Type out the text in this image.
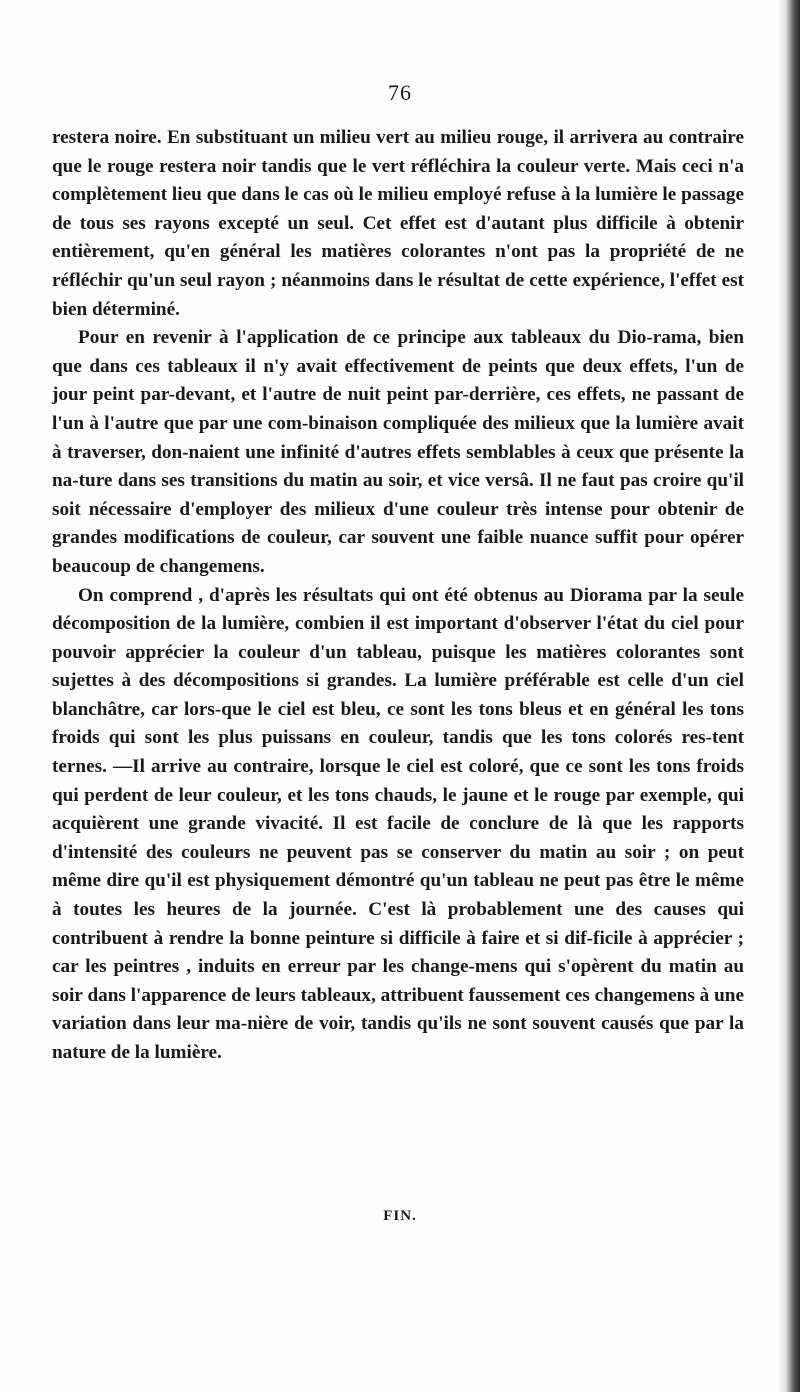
76

restera noire. En substituant un milieu vert au milieu rouge, il arrivera au contraire que le rouge restera noir tandis que le vert réfléchira la couleur verte. Mais ceci n'a complètement lieu que dans le cas où le milieu employé refuse à la lumière le passage de tous ses rayons excepté un seul. Cet effet est d'autant plus difficile à obtenir entièrement, qu'en général les matières colorantes n'ont pas la propriété de ne réfléchir qu'un seul rayon ; néanmoins dans le résultat de cette expérience, l'effet est bien déterminé.

Pour en revenir à l'application de ce principe aux tableaux du Dio-rama, bien que dans ces tableaux il n'y avait effectivement de peints que deux effets, l'un de jour peint par-devant, et l'autre de nuit peint par-derrière, ces effets, ne passant de l'un à l'autre que par une com-binaison compliquée des milieux que la lumière avait à traverser, don-naient une infinité d'autres effets semblables à ceux que présente la na-ture dans ses transitions du matin au soir, et vice versâ. Il ne faut pas croire qu'il soit nécessaire d'employer des milieux d'une couleur très intense pour obtenir de grandes modifications de couleur, car souvent une faible nuance suffit pour opérer beaucoup de changemens.

On comprend , d'après les résultats qui ont été obtenus au Diorama par la seule décomposition de la lumière, combien il est important d'observer l'état du ciel pour pouvoir apprécier la couleur d'un tableau, puisque les matières colorantes sont sujettes à des décompositions si grandes. La lumière préférable est celle d'un ciel blanchâtre, car lors-que le ciel est bleu, ce sont les tons bleus et en général les tons froids qui sont les plus puissans en couleur, tandis que les tons colorés res-tent ternes. —Il arrive au contraire, lorsque le ciel est coloré, que ce sont les tons froids qui perdent de leur couleur, et les tons chauds, le jaune et le rouge par exemple, qui acquièrent une grande vivacité. Il est facile de conclure de là que les rapports d'intensité des couleurs ne peuvent pas se conserver du matin au soir ; on peut même dire qu'il est physiquement démontré qu'un tableau ne peut pas être le même à toutes les heures de la journée. C'est là probablement une des causes qui contribuent à rendre la bonne peinture si difficile à faire et si dif-ficile à apprécier ; car les peintres , induits en erreur par les change-mens qui s'opèrent du matin au soir dans l'apparence de leurs tableaux, attribuent faussement ces changemens à une variation dans leur ma-nière de voir, tandis qu'ils ne sont souvent causés que par la nature de la lumière.

FIN.
